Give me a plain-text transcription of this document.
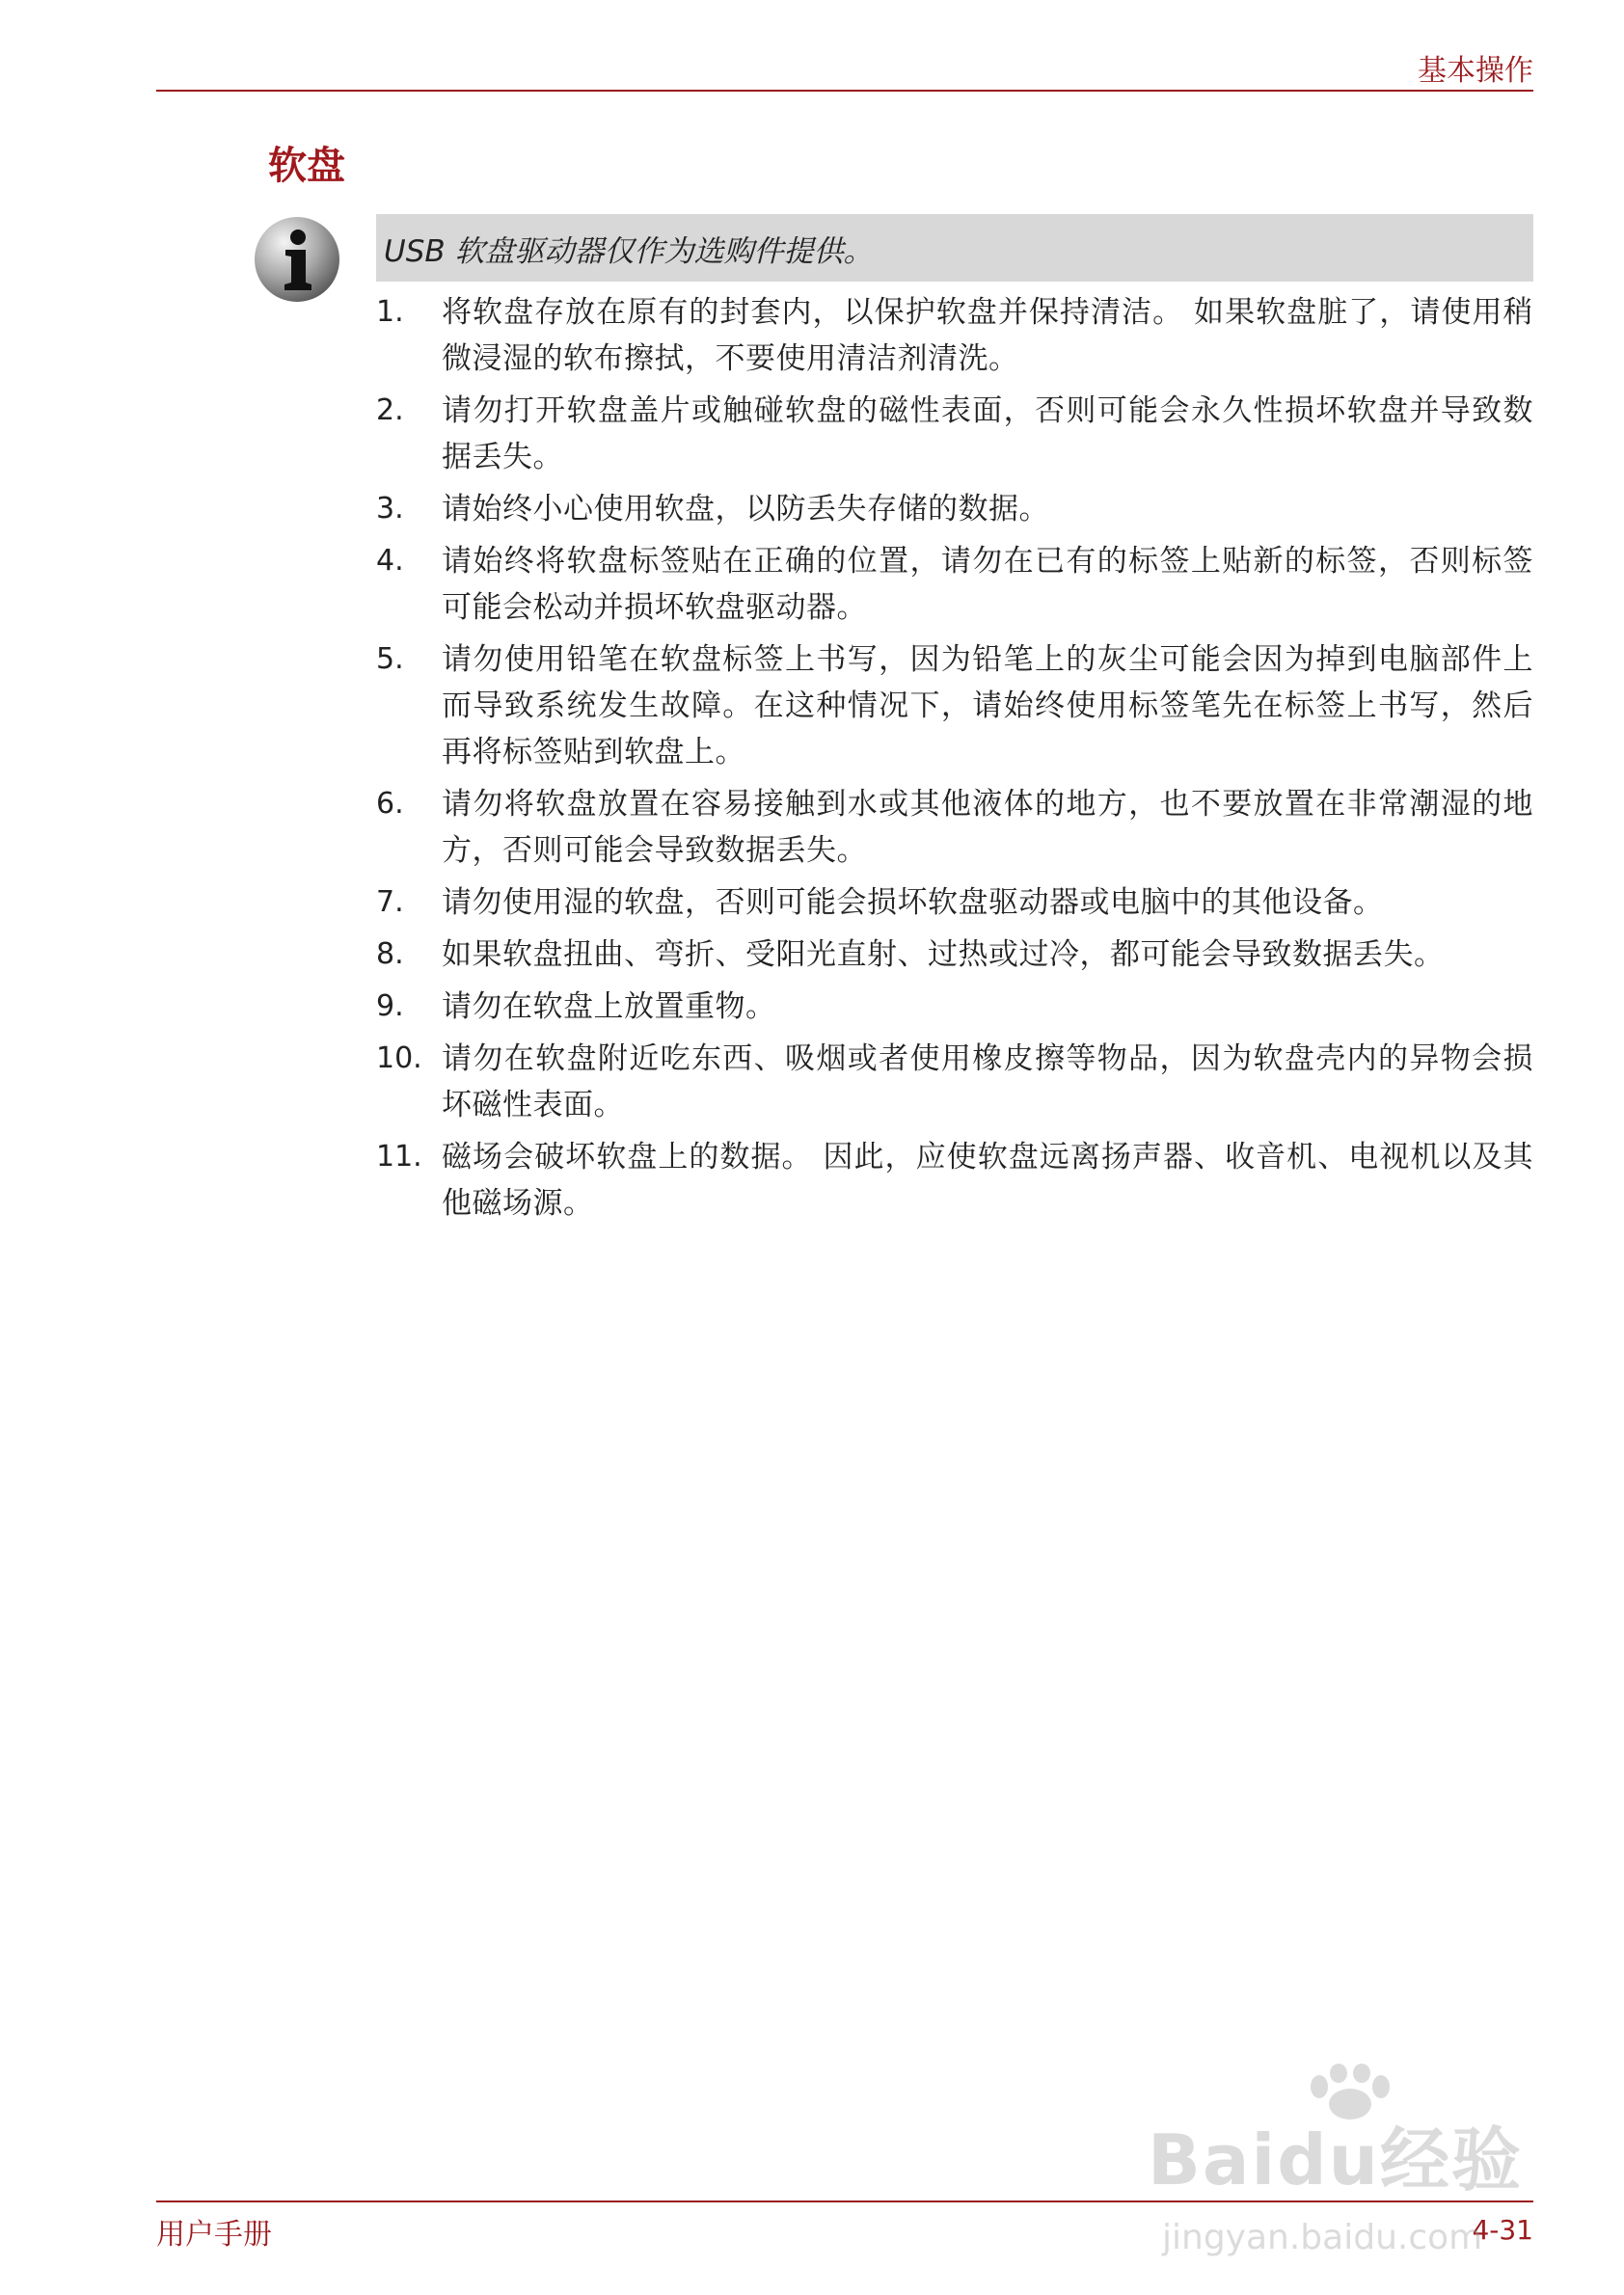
基本操作
软盘
USB 软盘驱动器仅作为选购件提供。
1.	将软盘存放在原有的封套内，以保护软盘并保持清洁。 如果软盘脏了，请使用稍微浸湿的软布擦拭，不要使用清洁剂清洗。
2.	请勿打开软盘盖片或触碰软盘的磁性表面，否则可能会永久性损坏软盘并导致数据丢失。
3.	请始终小心使用软盘，以防丢失存储的数据。
4.	请始终将软盘标签贴在正确的位置，请勿在已有的标签上贴新的标签，否则标签可能会松动并损坏软盘驱动器。
5.	请勿使用铅笔在软盘标签上书写，因为铅笔上的灰尘可能会因为掉到电脑部件上而导致系统发生故障。在这种情况下，请始终使用标签笔先在标签上书写，然后再将标签贴到软盘上。
6.	请勿将软盘放置在容易接触到水或其他液体的地方，也不要放置在非常潮湿的地方，否则可能会导致数据丢失。
7.	请勿使用湿的软盘，否则可能会损坏软盘驱动器或电脑中的其他设备。
8.	如果软盘扭曲、弯折、受阳光直射、过热或过冷，都可能会导致数据丢失。
9.	请勿在软盘上放置重物。
10. 请勿在软盘附近吃东西、吸烟或者使用橡皮擦等物品，因为软盘壳内的异物会损坏磁性表面。
11. 磁场会破坏软盘上的数据。 因此，应使软盘远离扬声器、收音机、电视机以及其他磁场源。
Baidu经验
用户手册	4-31
jingyan.baidu.com
